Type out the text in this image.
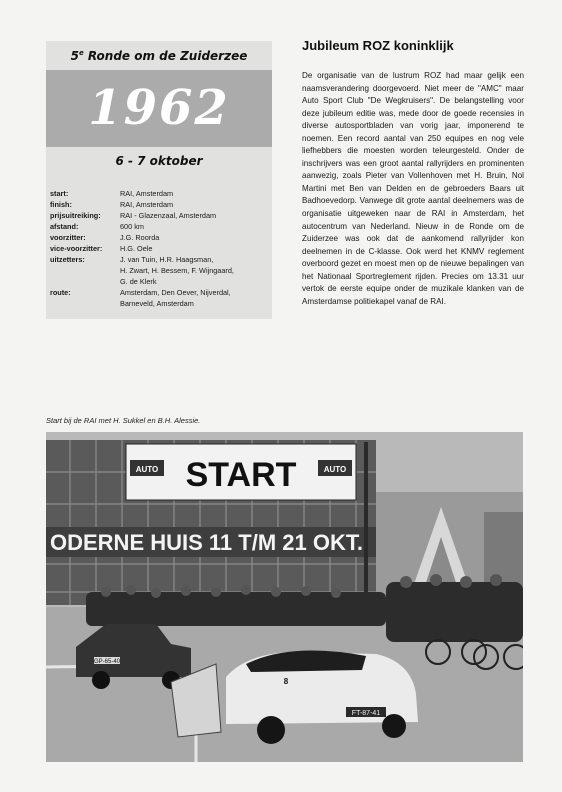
5e Ronde om de Zuiderzee
1962
6 - 7 oktober
start:	RAI, Amsterdam
finish:	RAI, Amsterdam
prijsuitreiking:	RAI - Glazenzaal, Amsterdam
afstand:	600 km
voorzitter:	J.G. Roorda
vice-voorzitter:	H.G. Oele
uitzetters:	J. van Tuin, H.R. Haagsman,
H. Zwart, H. Bessem, F. Wijngaard,
G. de Klerk
route:	Amsterdam, Den Oever, Nijverdal,
Barneveld, Amsterdam
Jubileum ROZ koninklijk
De organisatie van de lustrum ROZ had maar gelijk een naamsverandering doorgevoerd. Niet meer de "AMC" maar Auto Sport Club "De Wegkruisers". De belangstelling voor deze jubileum editie was, mede door de goede recensies in diverse autosportbladen van vorig jaar, imponerend te noemen. Een record aantal van 250 equipes en nog vele liefhebbers die moesten worden teleurgesteld. Onder de inschrijvers was een groot aantal rallyrijders en prominenten aanwezig, zoals Pieter van Vollenhoven met H. Bruin, Nol Martini met Ben van Delden en de gebroeders Baars uit Badhoevedorp. Vanwege dit grote aantal deelnemers was de organisatie uitgeweken naar de RAI in Amsterdam, het autocentrum van Nederland. Nieuw in de Ronde om de Zuiderzee was ook dat de aankomend rallyrijder kon deelnemen in de C-klasse. Ook werd het KNMV reglement overboord gezet en moest men op de nieuwe bepalingen van het Nationaal Sportreglement rijden. Precies om 13.31 uur vertok de eerste equipe onder de muzikale klanken van de Amsterdamse politiekapel vanaf de RAI.
Start bij de RAI met H. Sukkel en B.H. Alessie.
START
AUTO	AUTO
ODERNE HUIS 11 T/M 21 OKT.
GP-65-40
FT-87-41
8
